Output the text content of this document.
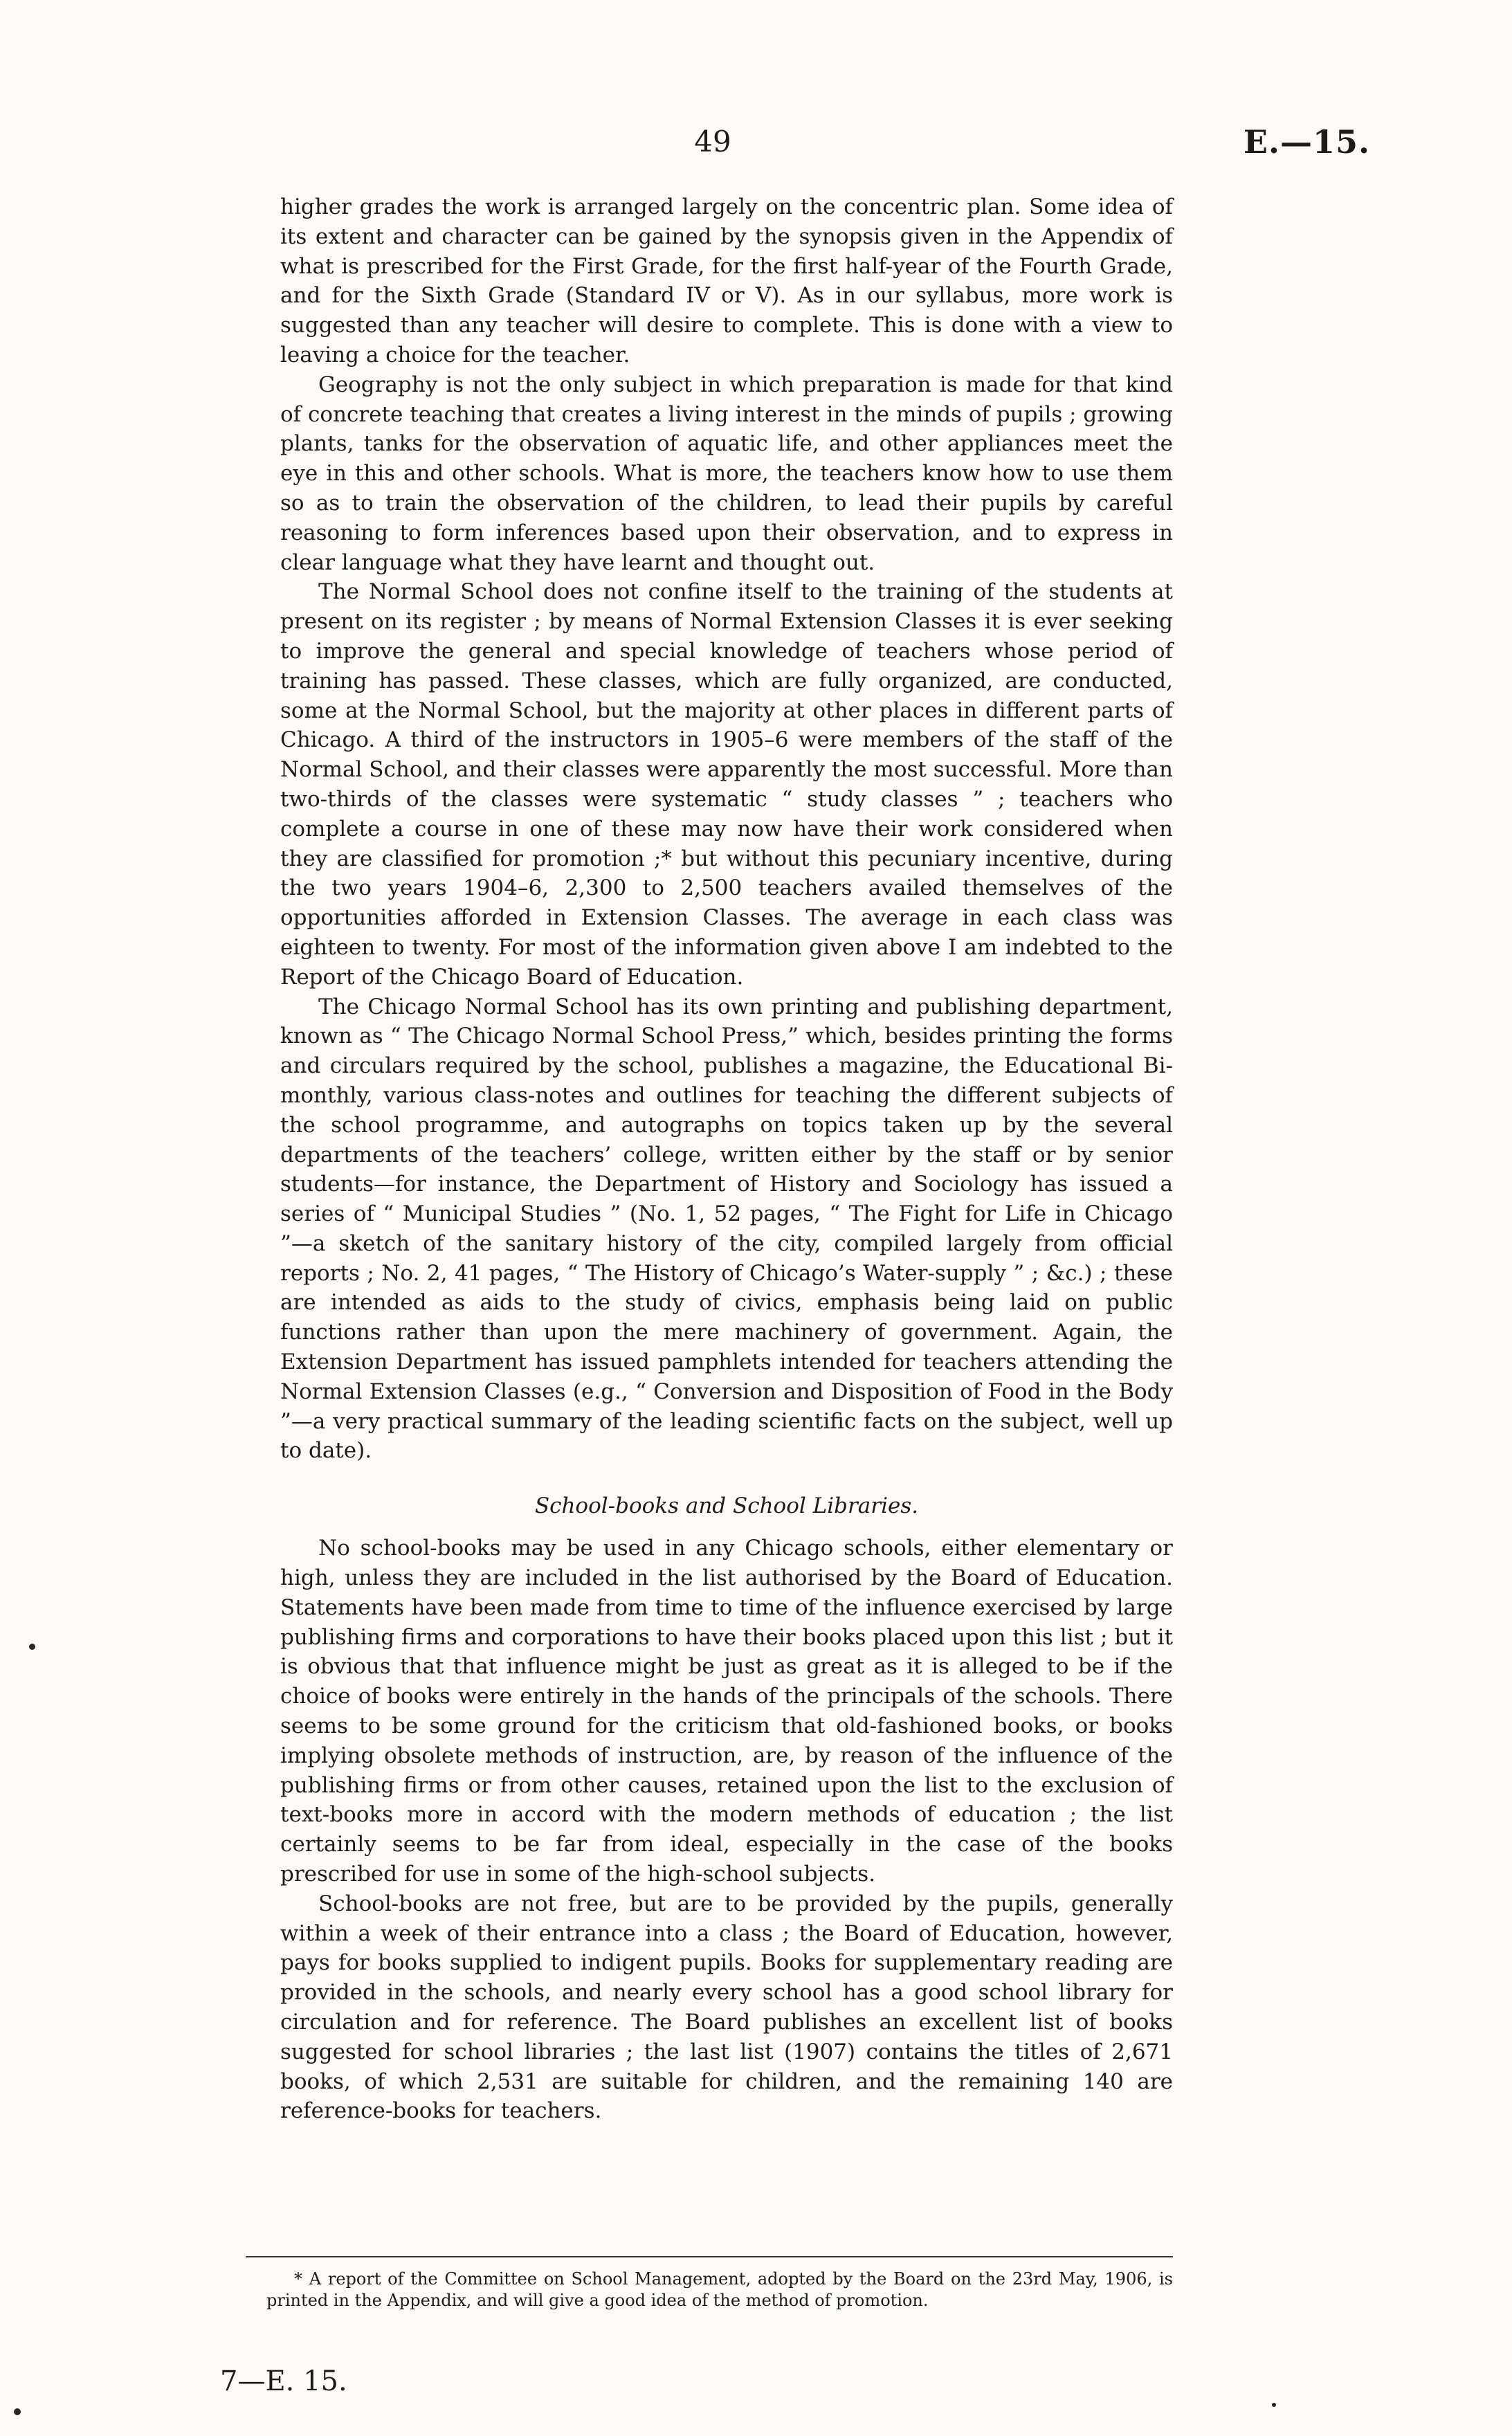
49	E.—15.

higher grades the work is arranged largely on the concentric plan. Some idea of its extent and character can be gained by the synopsis given in the Appendix of what is prescribed for the First Grade, for the first half-year of the Fourth Grade, and for the Sixth Grade (Standard IV or V). As in our syllabus, more work is suggested than any teacher will desire to complete. This is done with a view to leaving a choice for the teacher.

Geography is not the only subject in which preparation is made for that kind of concrete teaching that creates a living interest in the minds of pupils ; growing plants, tanks for the observation of aquatic life, and other appliances meet the eye in this and other schools. What is more, the teachers know how to use them so as to train the observation of the children, to lead their pupils by careful reasoning to form inferences based upon their observation, and to express in clear language what they have learnt and thought out.

The Normal School does not confine itself to the training of the students at present on its register ; by means of Normal Extension Classes it is ever seeking to improve the general and special knowledge of teachers whose period of training has passed. These classes, which are fully organized, are conducted, some at the Normal School, but the majority at other places in different parts of Chicago. A third of the instructors in 1905–6 were members of the staff of the Normal School, and their classes were apparently the most successful. More than two-thirds of the classes were systematic “ study classes ” ; teachers who complete a course in one of these may now have their work considered when they are classified for promotion ;* but without this pecuniary incentive, during the two years 1904–6, 2,300 to 2,500 teachers availed themselves of the opportunities afforded in Extension Classes. The average in each class was eighteen to twenty. For most of the information given above I am indebted to the Report of the Chicago Board of Education.

The Chicago Normal School has its own printing and publishing department, known as “ The Chicago Normal School Press,” which, besides printing the forms and circulars required by the school, publishes a magazine, the Educational Bi-monthly, various class-notes and outlines for teaching the different subjects of the school programme, and autographs on topics taken up by the several departments of the teachers’ college, written either by the staff or by senior students—for instance, the Department of History and Sociology has issued a series of “ Municipal Studies ” (No. 1, 52 pages, “ The Fight for Life in Chicago ”—a sketch of the sanitary history of the city, compiled largely from official reports ; No. 2, 41 pages, “ The History of Chicago’s Water-supply ” ; &c.) ; these are intended as aids to the study of civics, emphasis being laid on public functions rather than upon the mere machinery of government. Again, the Extension Department has issued pamphlets intended for teachers attending the Normal Extension Classes (e.g., “ Conversion and Disposition of Food in the Body ”—a very practical summary of the leading scientific facts on the subject, well up to date).

School-books and School Libraries.

No school-books may be used in any Chicago schools, either elementary or high, unless they are included in the list authorised by the Board of Education. Statements have been made from time to time of the influence exercised by large publishing firms and corporations to have their books placed upon this list ; but it is obvious that that influence might be just as great as it is alleged to be if the choice of books were entirely in the hands of the principals of the schools. There seems to be some ground for the criticism that old-fashioned books, or books implying obsolete methods of instruction, are, by reason of the influence of the publishing firms or from other causes, retained upon the list to the exclusion of text-books more in accord with the modern methods of education ; the list certainly seems to be far from ideal, especially in the case of the books prescribed for use in some of the high-school subjects.

School-books are not free, but are to be provided by the pupils, generally within a week of their entrance into a class ; the Board of Education, however, pays for books supplied to indigent pupils. Books for supplementary reading are provided in the schools, and nearly every school has a good school library for circulation and for reference. The Board publishes an excellent list of books suggested for school libraries ; the last list (1907) contains the titles of 2,671 books, of which 2,531 are suitable for children, and the remaining 140 are reference-books for teachers.

* A report of the Committee on School Management, adopted by the Board on the 23rd May, 1906, is printed in the Appendix, and will give a good idea of the method of promotion.

7—E. 15.
